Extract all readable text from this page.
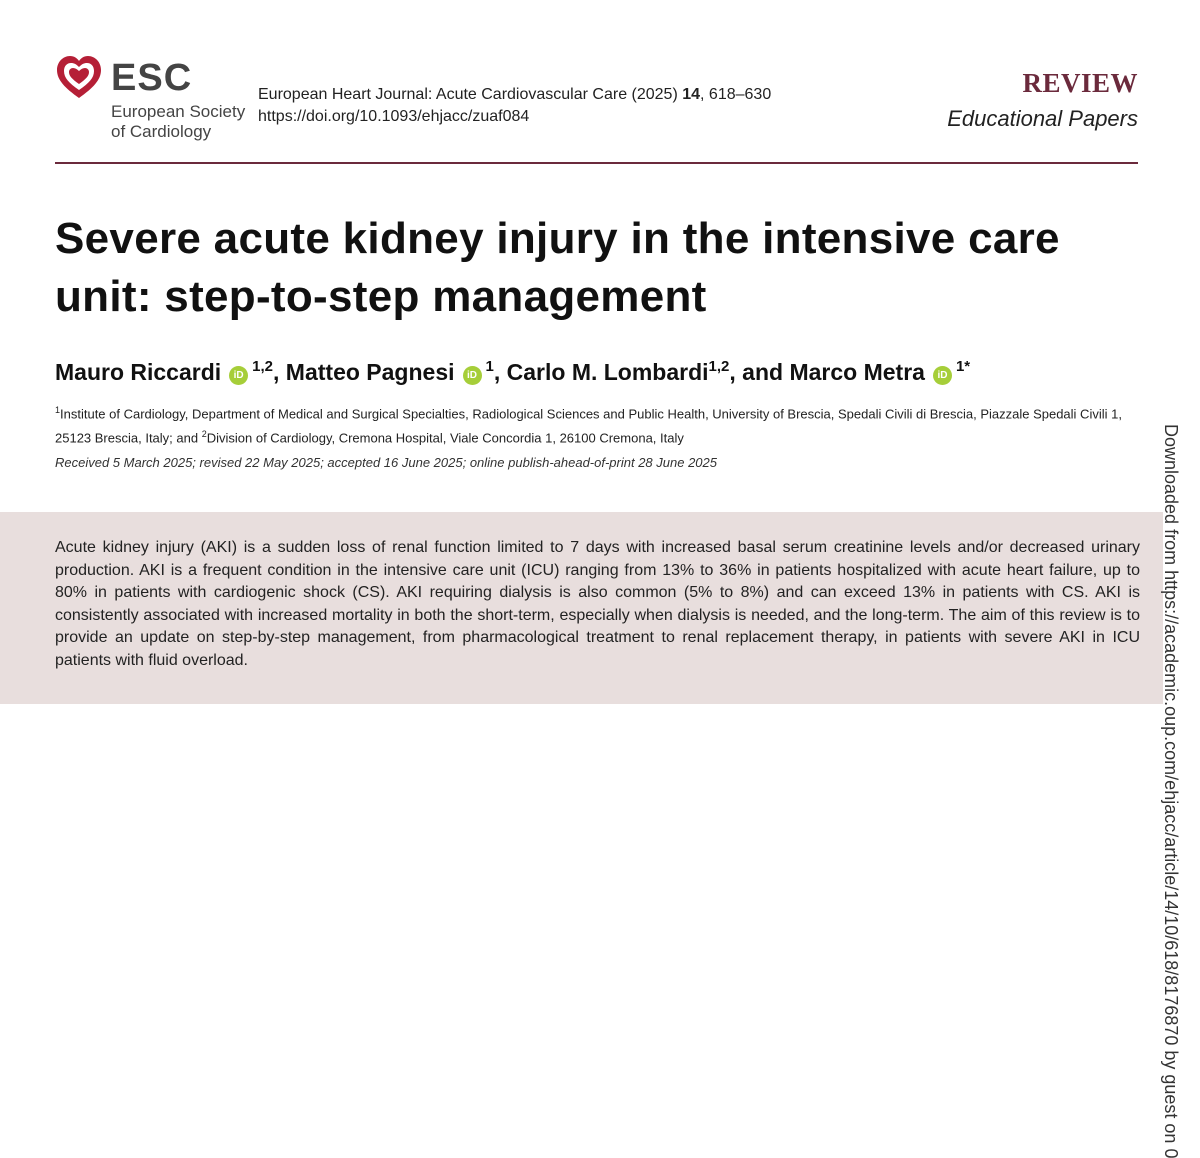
ESC
European Society
of Cardiology
European Heart Journal: Acute Cardiovascular Care (2025) 14, 618–630
https://doi.org/10.1093/ehjacc/zuaf084
REVIEW
Educational Papers
Severe acute kidney injury in the intensive care unit: step-to-step management
Mauro Riccardi iD$^{1,2}$, Matteo Pagnesi $iD^1$, Carlo M. Lombardi$^{1,2}$, and Marco Metra $iD^{1*}$
$^1$Institute of Cardiology, Department of Medical and Surgical Specialties, Radiological Sciences and Public Health, University of Brescia, Spedali Civili di Brescia, Piazzale Spedali Civili 1, 25123 Brescia, Italy; and $^2$Division of Cardiology, Cremona Hospital, Viale Concordia 1, 26100 Cremona, Italy
Received 5 March 2025; revised 22 May 2025; accepted 16 June 2025; online publish-ahead-of-print 28 June 2025
Acute kidney injury (AKI) is a sudden loss of renal function limited to 7 days with increased basal serum creatinine levels and/or decreased urinary production. AKI is a frequent condition in the intensive care unit (ICU) ranging from 13% to 36% in patients hospitalized with acute heart failure, up to 80% in patients with cardiogenic shock (CS). AKI requiring dialysis is also common (5% to 8%) and can exceed 13% in patients with CS. AKI is consistently associated with increased mortality in both the short-term, especially when dialysis is needed, and the long-term. The aim of this review is to provide an update on step-by-step management, from pharmacological treatment to renal replacement therapy, in patients with severe AKI in ICU patients with fluid overload.	Downloaded from https://academic.oup.com/ehjacc/article/14/10/618/8176870 by guest on 0
